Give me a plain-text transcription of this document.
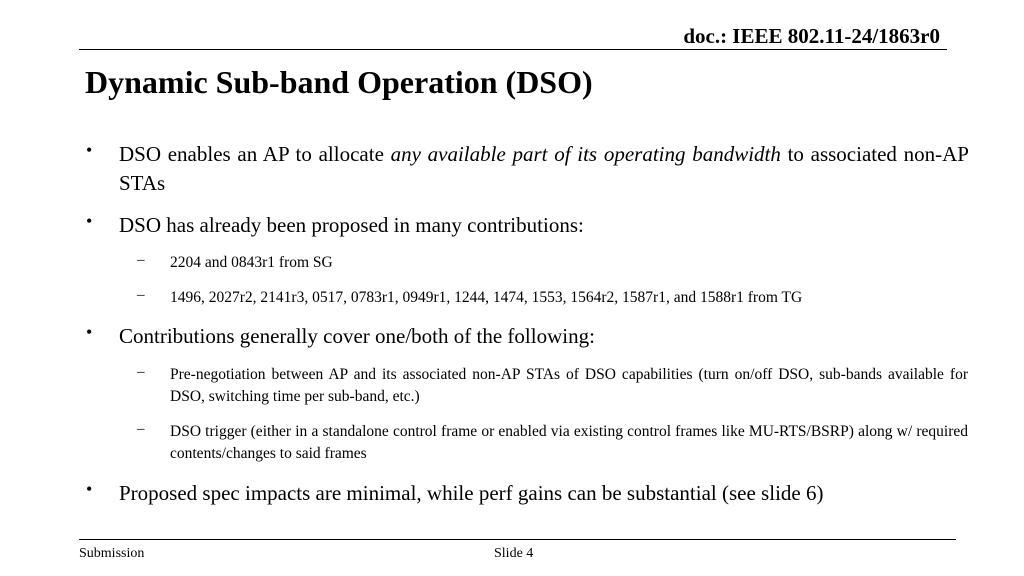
doc.: IEEE 802.11-24/1863r0
Dynamic Sub-band Operation (DSO)
• DSO enables an AP to allocate any available part of its operating bandwidth to associated non-AP STAs
• DSO has already been proposed in many contributions:
– 2204 and 0843r1 from SG
– 1496, 2027r2, 2141r3, 0517, 0783r1, 0949r1, 1244, 1474, 1553, 1564r2, 1587r1, and 1588r1 from TG
• Contributions generally cover one/both of the following:
– Pre-negotiation between AP and its associated non-AP STAs of DSO capabilities (turn on/off DSO, sub-bands available for DSO, switching time per sub-band, etc.)
– DSO trigger (either in a standalone control frame or enabled via existing control frames like MU-RTS/BSRP) along w/ required contents/changes to said frames
• Proposed spec impacts are minimal, while perf gains can be substantial (see slide 6)
Submission	Slide 4
